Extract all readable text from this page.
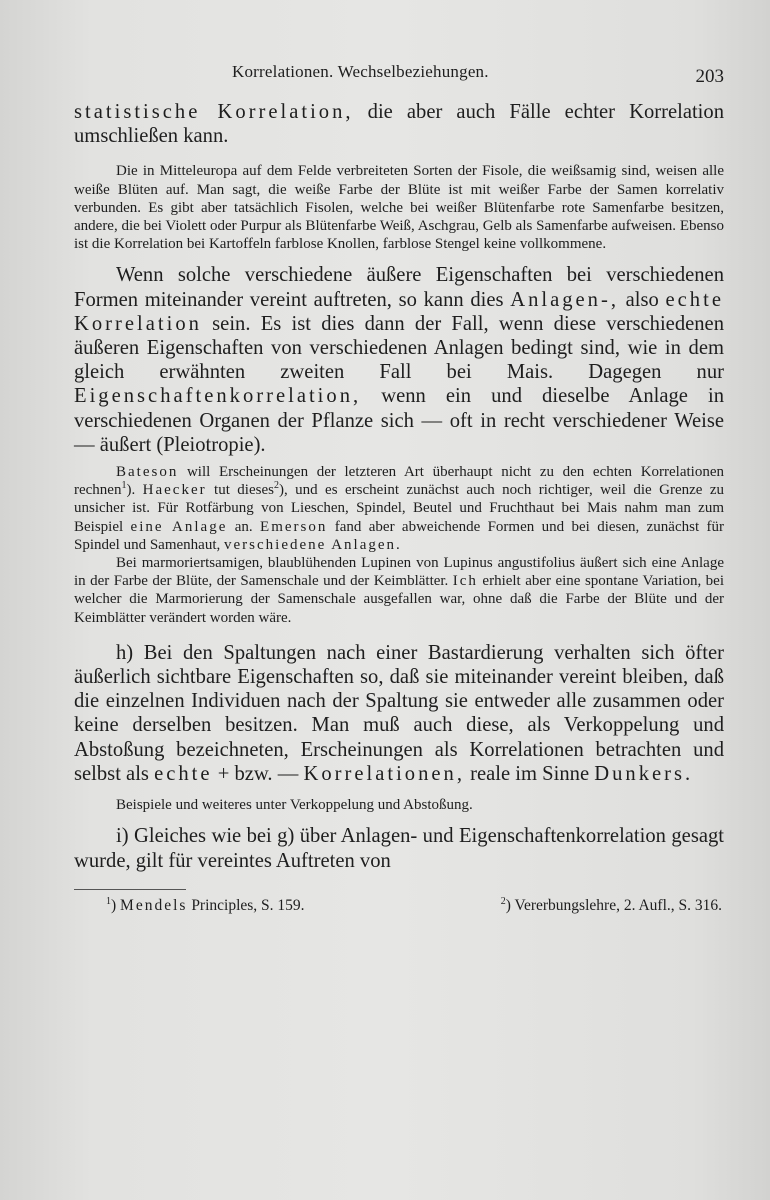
Korrelationen. Wechselbeziehungen.	203

statistische Korrelation, die aber auch Fälle echter Korrelation umschließen kann.

Die in Mitteleuropa auf dem Felde verbreiteten Sorten der Fisole, die weißsamig sind, weisen alle weiße Blüten auf. Man sagt, die weiße Farbe der Blüte ist mit weißer Farbe der Samen korrelativ verbunden. Es gibt aber tatsächlich Fisolen, welche bei weißer Blütenfarbe rote Samenfarbe besitzen, andere, die bei Violett oder Purpur als Blütenfarbe Weiß, Aschgrau, Gelb als Samenfarbe aufweisen. Ebenso ist die Korrelation bei Kartoffeln farblose Knollen, farblose Stengel keine vollkommene.

Wenn solche verschiedene äußere Eigenschaften bei verschiedenen Formen miteinander vereint auftreten, so kann dies Anlagen-, also echte Korrelation sein. Es ist dies dann der Fall, wenn diese verschiedenen äußeren Eigenschaften von verschiedenen Anlagen bedingt sind, wie in dem gleich erwähnten zweiten Fall bei Mais. Dagegen nur Eigenschaftenkorrelation, wenn ein und dieselbe Anlage in verschiedenen Organen der Pflanze sich — oft in recht verschiedener Weise — äußert (Pleiotropie).

Bateson will Erscheinungen der letzteren Art überhaupt nicht zu den echten Korrelationen rechnen$^1$). Haecker tut dieses$^2$), und es erscheint zunächst auch noch richtiger, weil die Grenze zu unsicher ist. Für Rotfärbung von Lieschen, Spindel, Beutel und Fruchthaut bei Mais nahm man zum Beispiel eine Anlage an. Emerson fand aber abweichende Formen und bei diesen, zunächst für Spindel und Samenhaut, verschiedene Anlagen.

Bei marmoriertsamigen, blaublühenden Lupinen von Lupinus angustifolius äußert sich eine Anlage in der Farbe der Blüte, der Samenschale und der Keimblätter. Ich erhielt aber eine spontane Variation, bei welcher die Marmorierung der Samenschale ausgefallen war, ohne daß die Farbe der Blüte und der Keimblätter verändert worden wäre.

h) Bei den Spaltungen nach einer Bastardierung verhalten sich öfter äußerlich sichtbare Eigenschaften so, daß sie miteinander vereint bleiben, daß die einzelnen Individuen nach der Spaltung sie entweder alle zusammen oder keine derselben besitzen. Man muß auch diese, als Verkoppelung und Abstoßung bezeichneten, Erscheinungen als Korrelationen betrachten und selbst als echte + bzw. — Korrelationen, reale im Sinne Dunkers.

Beispiele und weiteres unter Verkoppelung und Abstoßung.

i) Gleiches wie bei g) über Anlagen- und Eigenschaftenkorrelation gesagt wurde, gilt für vereintes Auftreten von

$^1$) Mendels Principles, S. 159.	$^2$) Vererbungslehre, 2. Aufl., S. 316.
